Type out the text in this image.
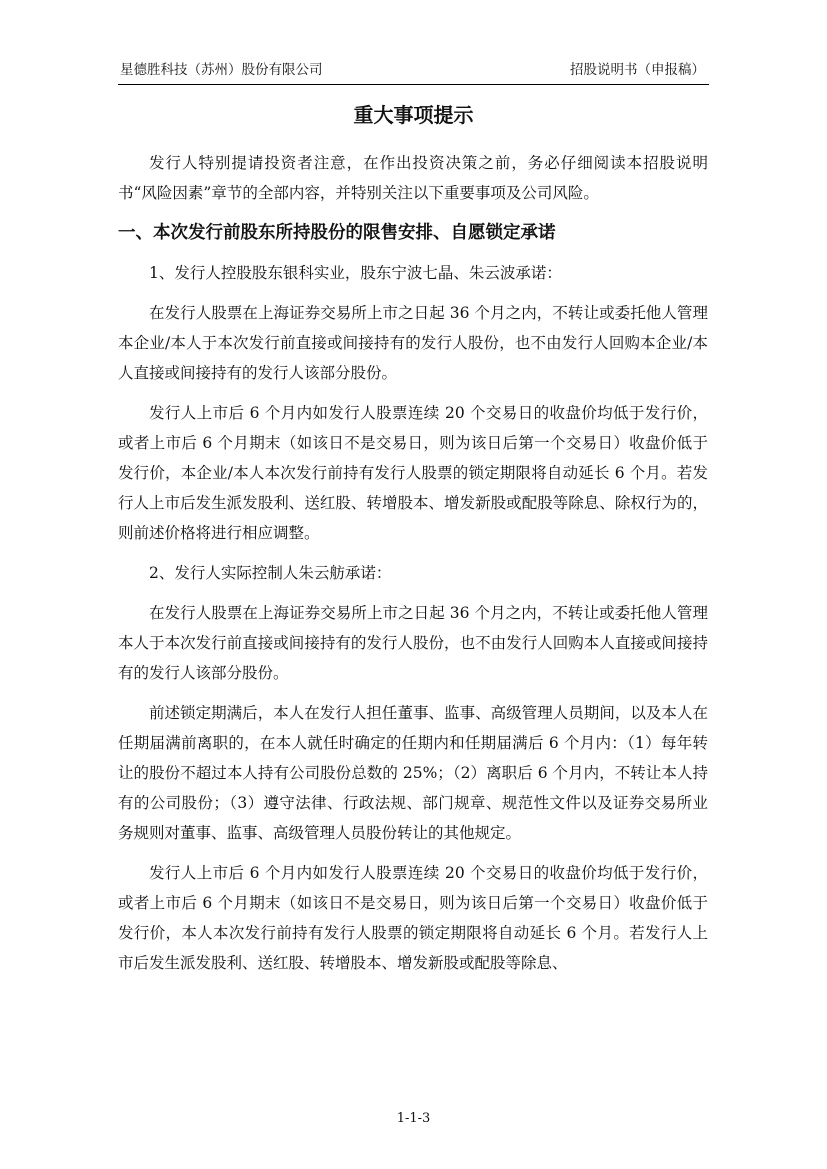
星德胜科技（苏州）股份有限公司	招股说明书（申报稿）
重大事项提示

发行人特别提请投资者注意，在作出投资决策之前，务必仔细阅读本招股说明书“风险因素”章节的全部内容，并特别关注以下重要事项及公司风险。

一、本次发行前股东所持股份的限售安排、自愿锁定承诺

1、发行人控股股东银科实业，股东宁波七晶、朱云波承诺：

在发行人股票在上海证券交易所上市之日起 36 个月之内，不转让或委托他人管理本企业/本人于本次发行前直接或间接持有的发行人股份，也不由发行人回购本企业/本人直接或间接持有的发行人该部分股份。

发行人上市后 6 个月内如发行人股票连续 20 个交易日的收盘价均低于发行价，或者上市后 6 个月期末（如该日不是交易日，则为该日后第一个交易日）收盘价低于发行价，本企业/本人本次发行前持有发行人股票的锁定期限将自动延长 6 个月。若发行人上市后发生派发股利、送红股、转增股本、增发新股或配股等除息、除权行为的，则前述价格将进行相应调整。

2、发行人实际控制人朱云舫承诺：

在发行人股票在上海证券交易所上市之日起 36 个月之内，不转让或委托他人管理本人于本次发行前直接或间接持有的发行人股份，也不由发行人回购本人直接或间接持有的发行人该部分股份。

前述锁定期满后，本人在发行人担任董事、监事、高级管理人员期间，以及本人在任期届满前离职的，在本人就任时确定的任期内和任期届满后 6 个月内：（1）每年转让的股份不超过本人持有公司股份总数的 25%；（2）离职后 6 个月内，不转让本人持有的公司股份；（3）遵守法律、行政法规、部门规章、规范性文件以及证券交易所业务规则对董事、监事、高级管理人员股份转让的其他规定。

发行人上市后 6 个月内如发行人股票连续 20 个交易日的收盘价均低于发行价，或者上市后 6 个月期末（如该日不是交易日，则为该日后第一个交易日）收盘价低于发行价，本人本次发行前持有发行人股票的锁定期限将自动延长 6 个月。若发行人上市后发生派发股利、送红股、转增股本、增发新股或配股等除息、

1-1-3
